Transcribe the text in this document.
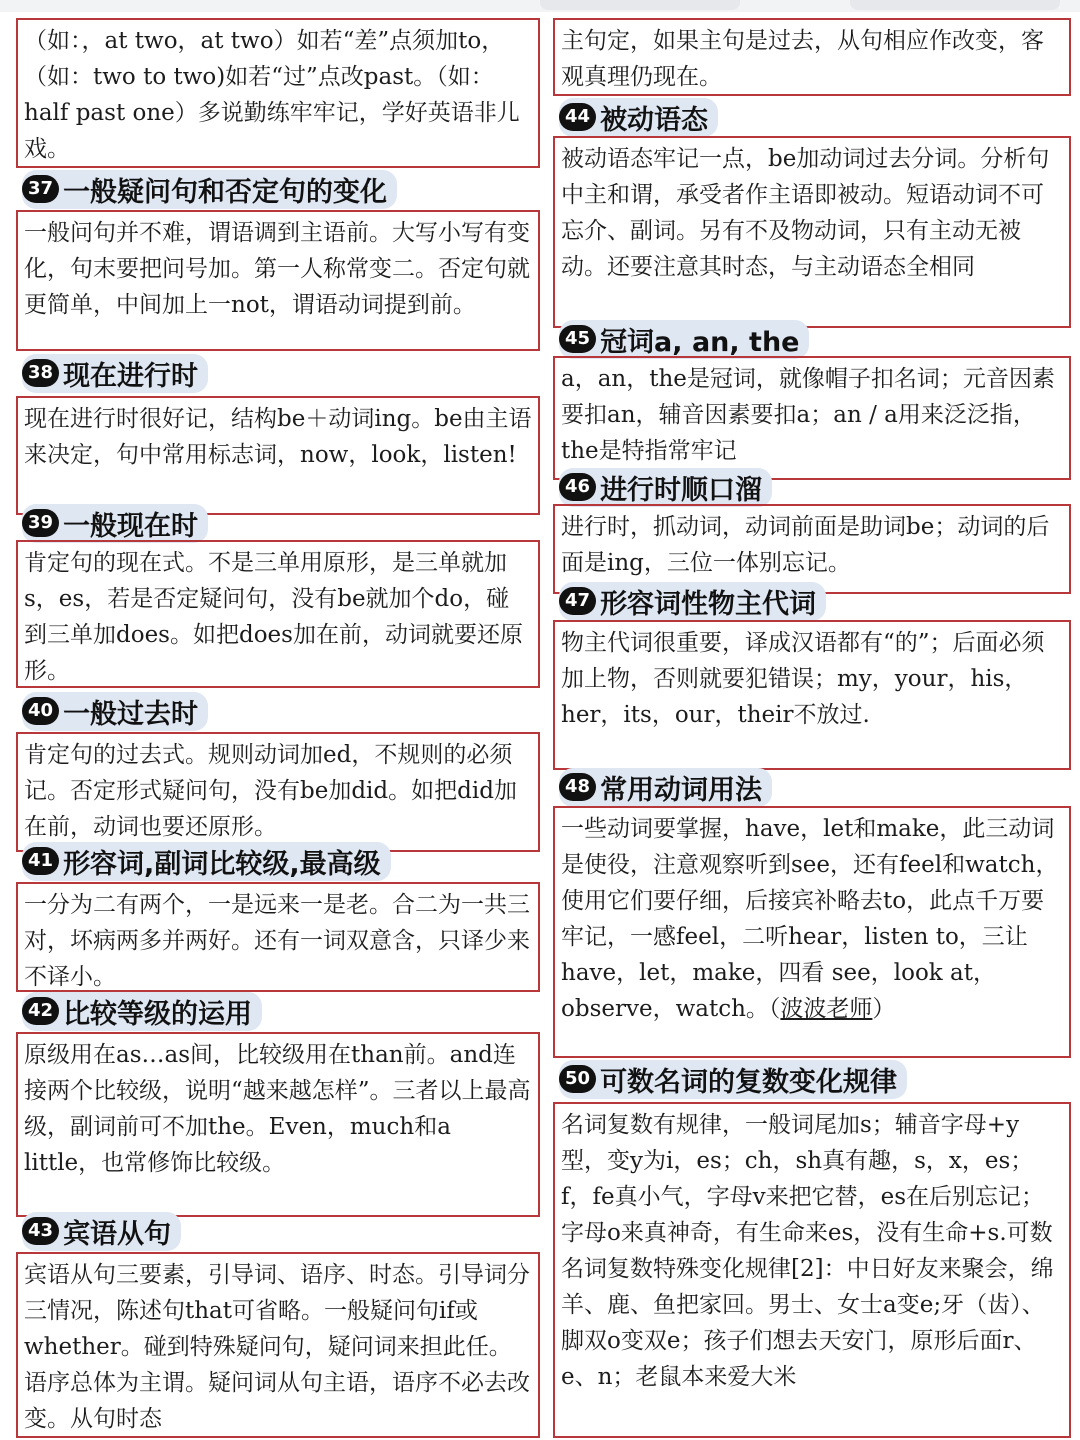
（如：，at two，at two）如若“差”点须加to，（如：two to two)如若“过”点改past。（如：half past one）多说勤练牢牢记，学好英语非儿戏。
37 一般疑问句和否定句的变化
一般问句并不难，谓语调到主语前。大写小写有变化，句末要把问号加。第一人称常变二。否定句就更简单，中间加上一not，谓语动词提到前。
38 现在进行时
现在进行时很好记，结构be＋动词ing。be由主语来决定，句中常用标志词，now，look，listen!
39 一般现在时
肯定句的现在式。不是三单用原形，是三单就加s，es，若是否定疑问句，没有be就加个do，碰到三单加does。如把does加在前，动词就要还原形。
40 一般过去时
肯定句的过去式。规则动词加ed，不规则的必须记。否定形式疑问句，没有be加did。如把did加在前，动词也要还原形。
41 形容词,副词比较级,最高级
一分为二有两个，一是远来一是老。合二为一共三对，坏病两多并两好。还有一词双意含，只译少来不译小。
42 比较等级的运用
原级用在as…as间，比较级用在than前。and连接两个比较级，说明“越来越怎样”。三者以上最高级，副词前可不加the。Even，much和a little，也常修饰比较级。
43 宾语从句
宾语从句三要素，引导词、语序、时态。引导词分三情况，陈述句that可省略。一般疑问句if或whether。碰到特殊疑问句，疑问词来担此任。语序总体为主谓。疑问词从句主语，语序不必去改变。从句时态
主句定，如果主句是过去，从句相应作改变，客观真理仍现在。
44 被动语态
被动语态牢记一点，be加动词过去分词。分析句中主和谓，承受者作主语即被动。短语动词不可忘介、副词。另有不及物动词，只有主动无被动。还要注意其时态，与主动语态全相同
45 冠词a, an, the
a，an，the是冠词，就像帽子扣名词；元音因素要扣an，辅音因素要扣a；an / a用来泛泛指，the是特指常牢记
46 进行时顺口溜
进行时，抓动词，动词前面是助词be；动词的后面是ing，三位一体别忘记。
47 形容词性物主代词
物主代词很重要，译成汉语都有“的”；后面必须加上物，否则就要犯错误；my，your，his，her，its，our，their不放过.
48 常用动词用法
一些动词要掌握，have，let和make，此三动词是使役，注意观察听到see，还有feel和watch，使用它们要仔细，后接宾补略去to，此点千万要牢记，一感feel，二听hear，listen to，三让have，let，make，四看 see，look at， observe，watch。（波波老师）
50 可数名词的复数变化规律
名词复数有规律，一般词尾加s；辅音字母+y型，变y为i，es；ch，sh真有趣，s，x，es；f，fe真小气，字母v来把它替，es在后别忘记；字母o来真神奇，有生命来es，没有生命+s.可数名词复数特殊变化规律[2]：中日好友来聚会，绵羊、鹿、鱼把家回。男士、女士a变e;牙（齿）、脚双o变双e；孩子们想去天安门，原形后面r、e、n；老鼠本来爱大米
